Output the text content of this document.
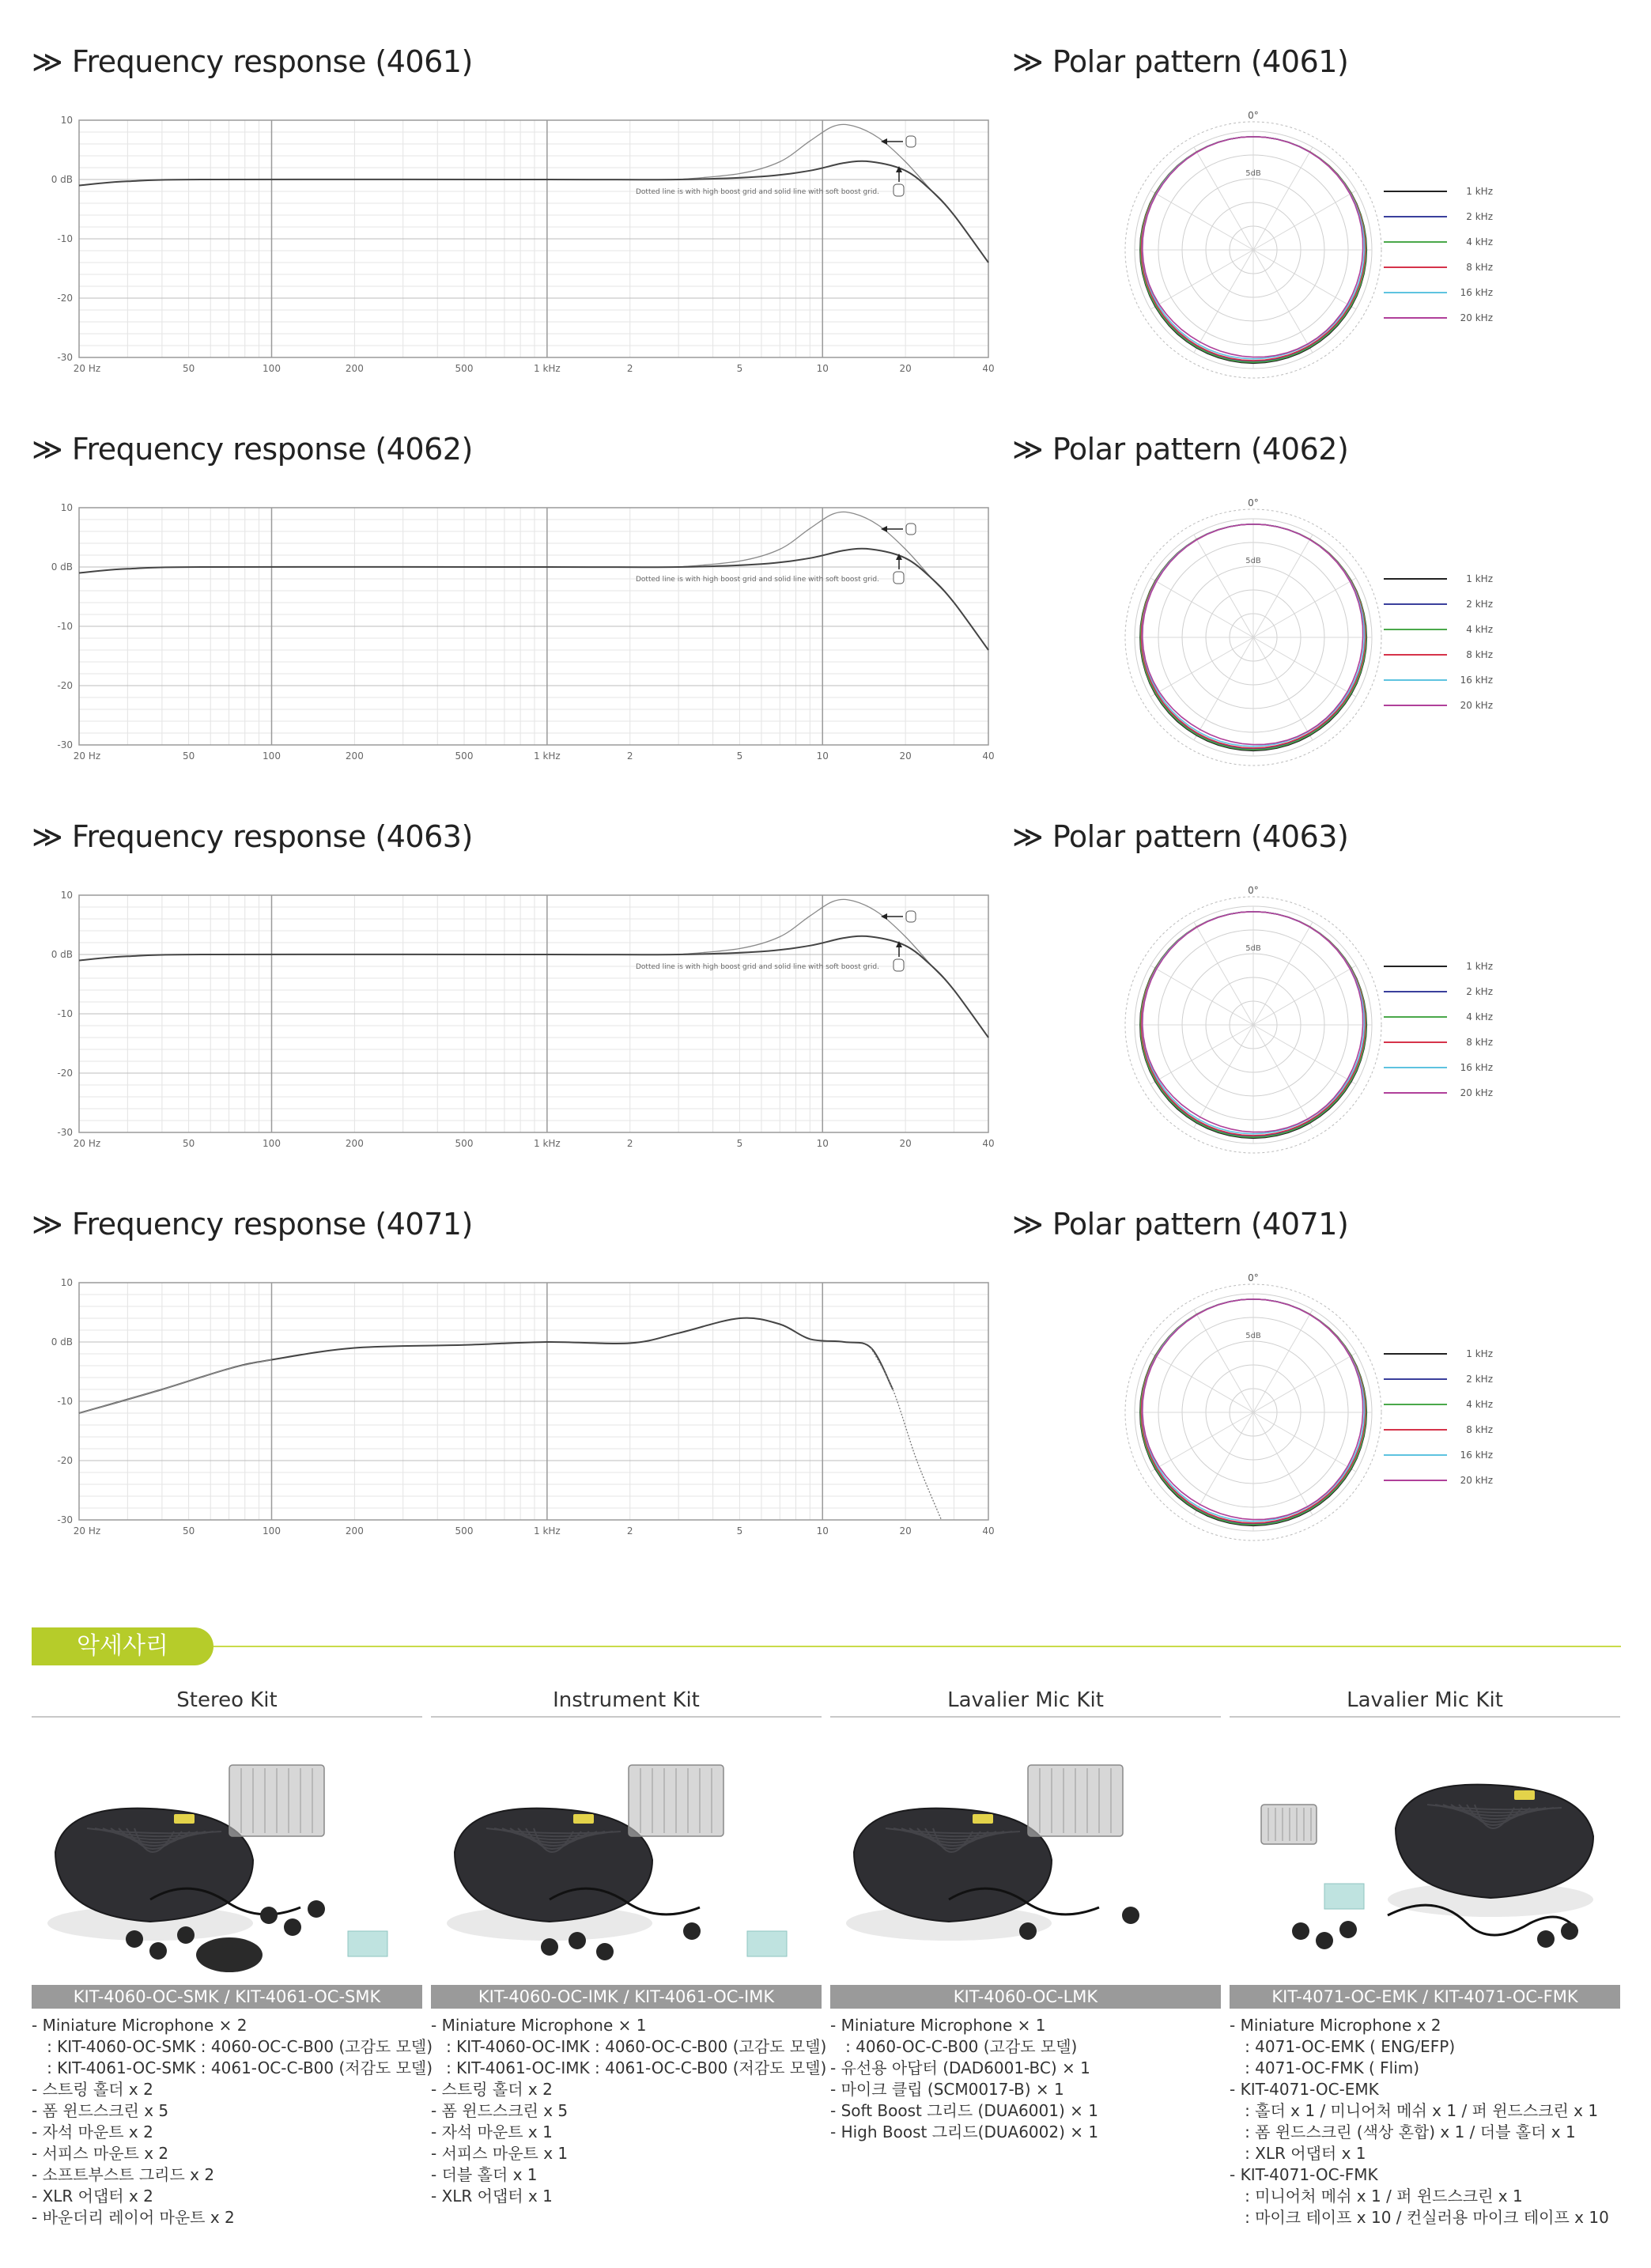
≫ Frequency response (4061)	≫ Polar pattern (4061)
≫ Frequency response (4062)	≫ Polar pattern (4062)
≫ Frequency response (4063)	≫ Polar pattern (4063)
≫ Frequency response (4071)	≫ Polar pattern (4071)
10
0 dB
-10
-20
-30
20 Hz	50	100	200	500	1 kHz	2	5	10	20	40
Dotted line is with high boost grid and solid line with soft boost grid.
10
0 dB
-10
-20
-30
20 Hz	50	100	200	500	1 kHz	2	5	10	20	40
Dotted line is with high boost grid and solid line with soft boost grid.
10
0 dB
-10
-20
-30
20 Hz	50	100	200	500	1 kHz	2	5	10	20	40
Dotted line is with high boost grid and solid line with soft boost grid.
10
0 dB
-10
-20
-30
20 Hz	50	100	200	500	1 kHz	2	5	10	20	40
0°
5dB
1 kHz
2 kHz
4 kHz
8 kHz
16 kHz
20 kHz
0°
5dB
1 kHz
2 kHz
4 kHz
8 kHz
16 kHz
20 kHz
0°
5dB
1 kHz
2 kHz
4 kHz
8 kHz
16 kHz
20 kHz
0°
5dB
1 kHz
2 kHz
4 kHz
8 kHz
16 kHz
20 kHz
악세사리
Stereo Kit
KIT-4060-OC-SMK / KIT-4061-OC-SMK
- Miniature Microphone × 2
: KIT-4060-OC-SMK : 4060-OC-C-B00 (고감도 모델)
: KIT-4061-OC-SMK : 4061-OC-C-B00 (저감도 모델)
- 스트링 홀더 x 2
- 폼 윈드스크린 x 5
- 자석 마운트 x 2
- 서피스 마운트 x 2
- 소프트부스트 그리드 x 2
- XLR 어댑터 x 2
- 바운더리 레이어 마운트 x 2
Instrument Kit
KIT-4060-OC-IMK / KIT-4061-OC-IMK
- Miniature Microphone × 1
: KIT-4060-OC-IMK : 4060-OC-C-B00 (고감도 모델)
: KIT-4061-OC-IMK : 4061-OC-C-B00 (저감도 모델)
- 스트링 홀더 x 2
- 폼 윈드스크린 x 5
- 자석 마운트 x 1
- 서피스 마운트 x 1
- 더블 홀더 x 1
- XLR 어댑터 x 1
Lavalier Mic Kit
KIT-4060-OC-LMK
- Miniature Microphone × 1
: 4060-OC-C-B00 (고감도 모델)
- 유선용 아답터 (DAD6001-BC) × 1
- 마이크 클립 (SCM0017-B) × 1
- Soft Boost 그리드 (DUA6001) × 1
- High Boost 그리드(DUA6002) × 1
Lavalier Mic Kit
KIT-4071-OC-EMK / KIT-4071-OC-FMK
- Miniature Microphone x 2
: 4071-OC-EMK ( ENG/EFP)
: 4071-OC-FMK ( Flim)
- KIT-4071-OC-EMK
: 홀더 x 1 / 미니어처 메쉬 x 1 / 퍼 윈드스크린 x 1
: 폼 윈드스크린 (색상 혼합) x 1 / 더블 홀더 x 1
: XLR 어댑터 x 1
- KIT-4071-OC-FMK
: 미니어처 메쉬 x 1 / 퍼 윈드스크린 x 1
: 마이크 테이프 x 10 / 컨실러용 마이크 테이프 x 10
